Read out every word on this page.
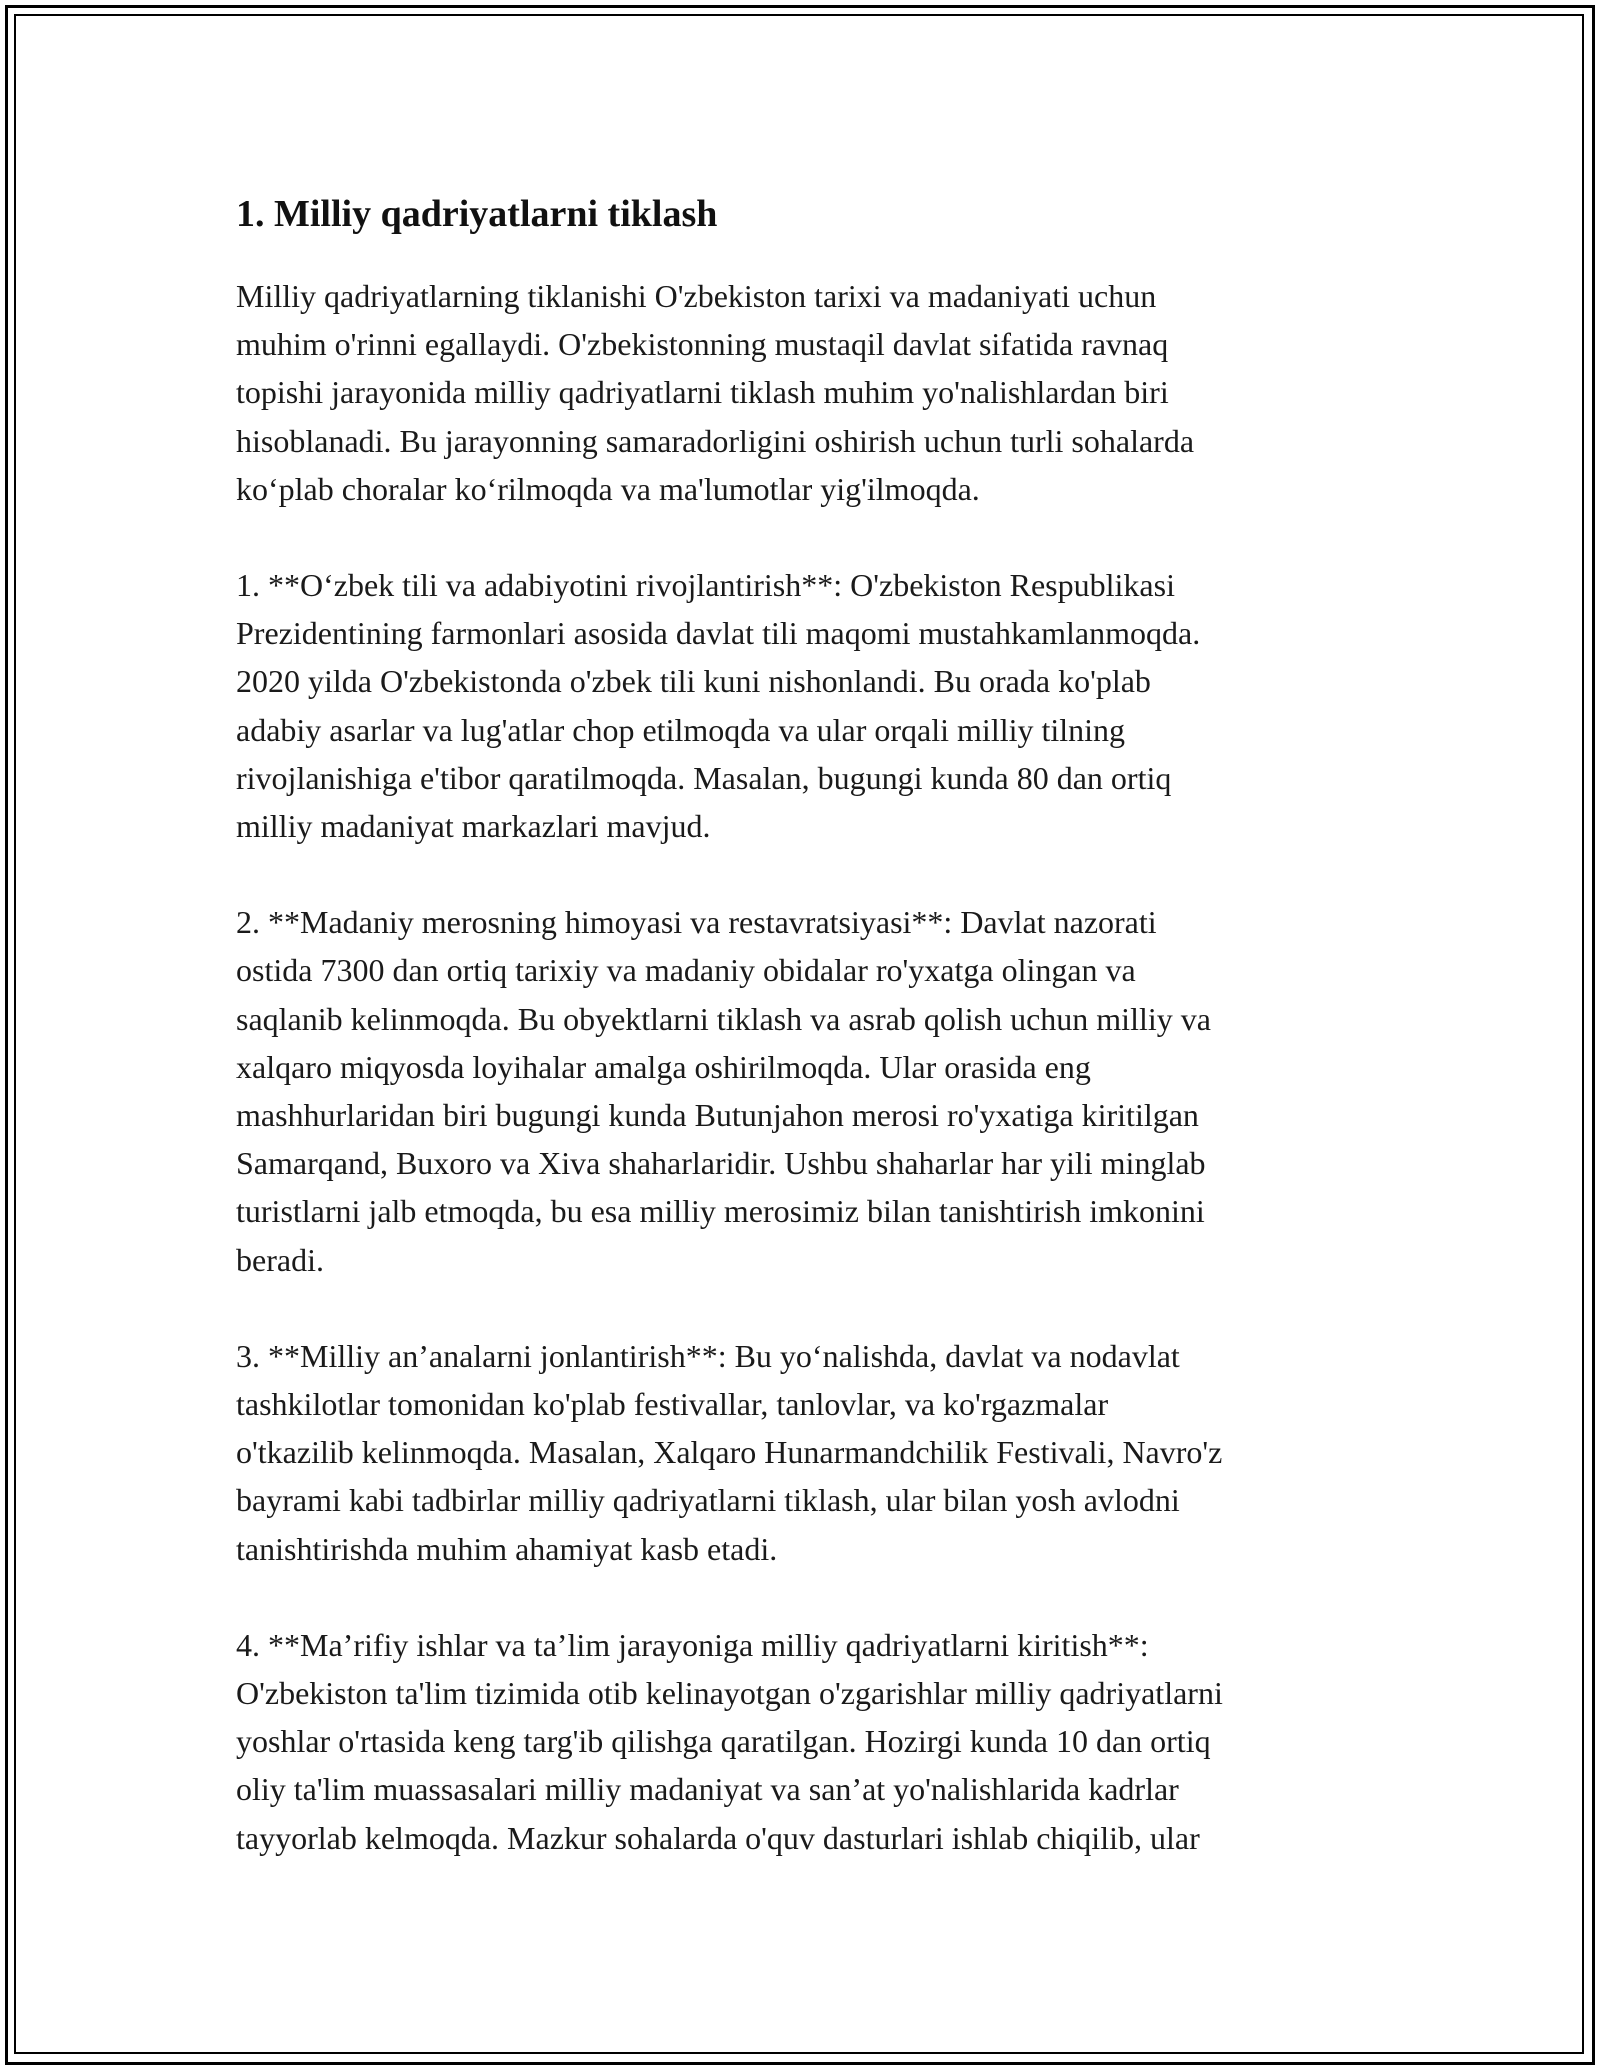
1. Milliy qadriyatlarni tiklash

Milliy qadriyatlarning tiklanishi O'zbekiston tarixi va madaniyati uchun
muhim o'rinni egallaydi. O'zbekistonning mustaqil davlat sifatida ravnaq
topishi jarayonida milliy qadriyatlarni tiklash muhim yo'nalishlardan biri
hisoblanadi. Bu jarayonning samaradorligini oshirish uchun turli sohalarda
ko‘plab choralar ko‘rilmoqda va ma'lumotlar yig'ilmoqda.

1. **O‘zbek tili va adabiyotini rivojlantirish**: O'zbekiston Respublikasi
Prezidentining farmonlari asosida davlat tili maqomi mustahkamlanmoqda.
2020 yilda O'zbekistonda o'zbek tili kuni nishonlandi. Bu orada ko'plab
adabiy asarlar va lug'atlar chop etilmoqda va ular orqali milliy tilning
rivojlanishiga e'tibor qaratilmoqda. Masalan, bugungi kunda 80 dan ortiq
milliy madaniyat markazlari mavjud.

2. **Madaniy merosning himoyasi va restavratsiyasi**: Davlat nazorati
ostida 7300 dan ortiq tarixiy va madaniy obidalar ro'yxatga olingan va
saqlanib kelinmoqda. Bu obyektlarni tiklash va asrab qolish uchun milliy va
xalqaro miqyosda loyihalar amalga oshirilmoqda. Ular orasida eng
mashhurlaridan biri bugungi kunda Butunjahon merosi ro'yxatiga kiritilgan
Samarqand, Buxoro va Xiva shaharlaridir. Ushbu shaharlar har yili minglab
turistlarni jalb etmoqda, bu esa milliy merosimiz bilan tanishtirish imkonini
beradi.

3. **Milliy an’analarni jonlantirish**: Bu yo‘nalishda, davlat va nodavlat
tashkilotlar tomonidan ko'plab festivallar, tanlovlar, va ko'rgazmalar
o'tkazilib kelinmoqda. Masalan, Xalqaro Hunarmandchilik Festivali, Navro'z
bayrami kabi tadbirlar milliy qadriyatlarni tiklash, ular bilan yosh avlodni
tanishtirishda muhim ahamiyat kasb etadi.

4. **Ma’rifiy ishlar va ta’lim jarayoniga milliy qadriyatlarni kiritish**:
O'zbekiston ta'lim tizimida otib kelinayotgan o'zgarishlar milliy qadriyatlarni
yoshlar o'rtasida keng targ'ib qilishga qaratilgan. Hozirgi kunda 10 dan ortiq
oliy ta'lim muassasalari milliy madaniyat va san’at yo'nalishlarida kadrlar
tayyorlab kelmoqda. Mazkur sohalarda o'quv dasturlari ishlab chiqilib, ular
